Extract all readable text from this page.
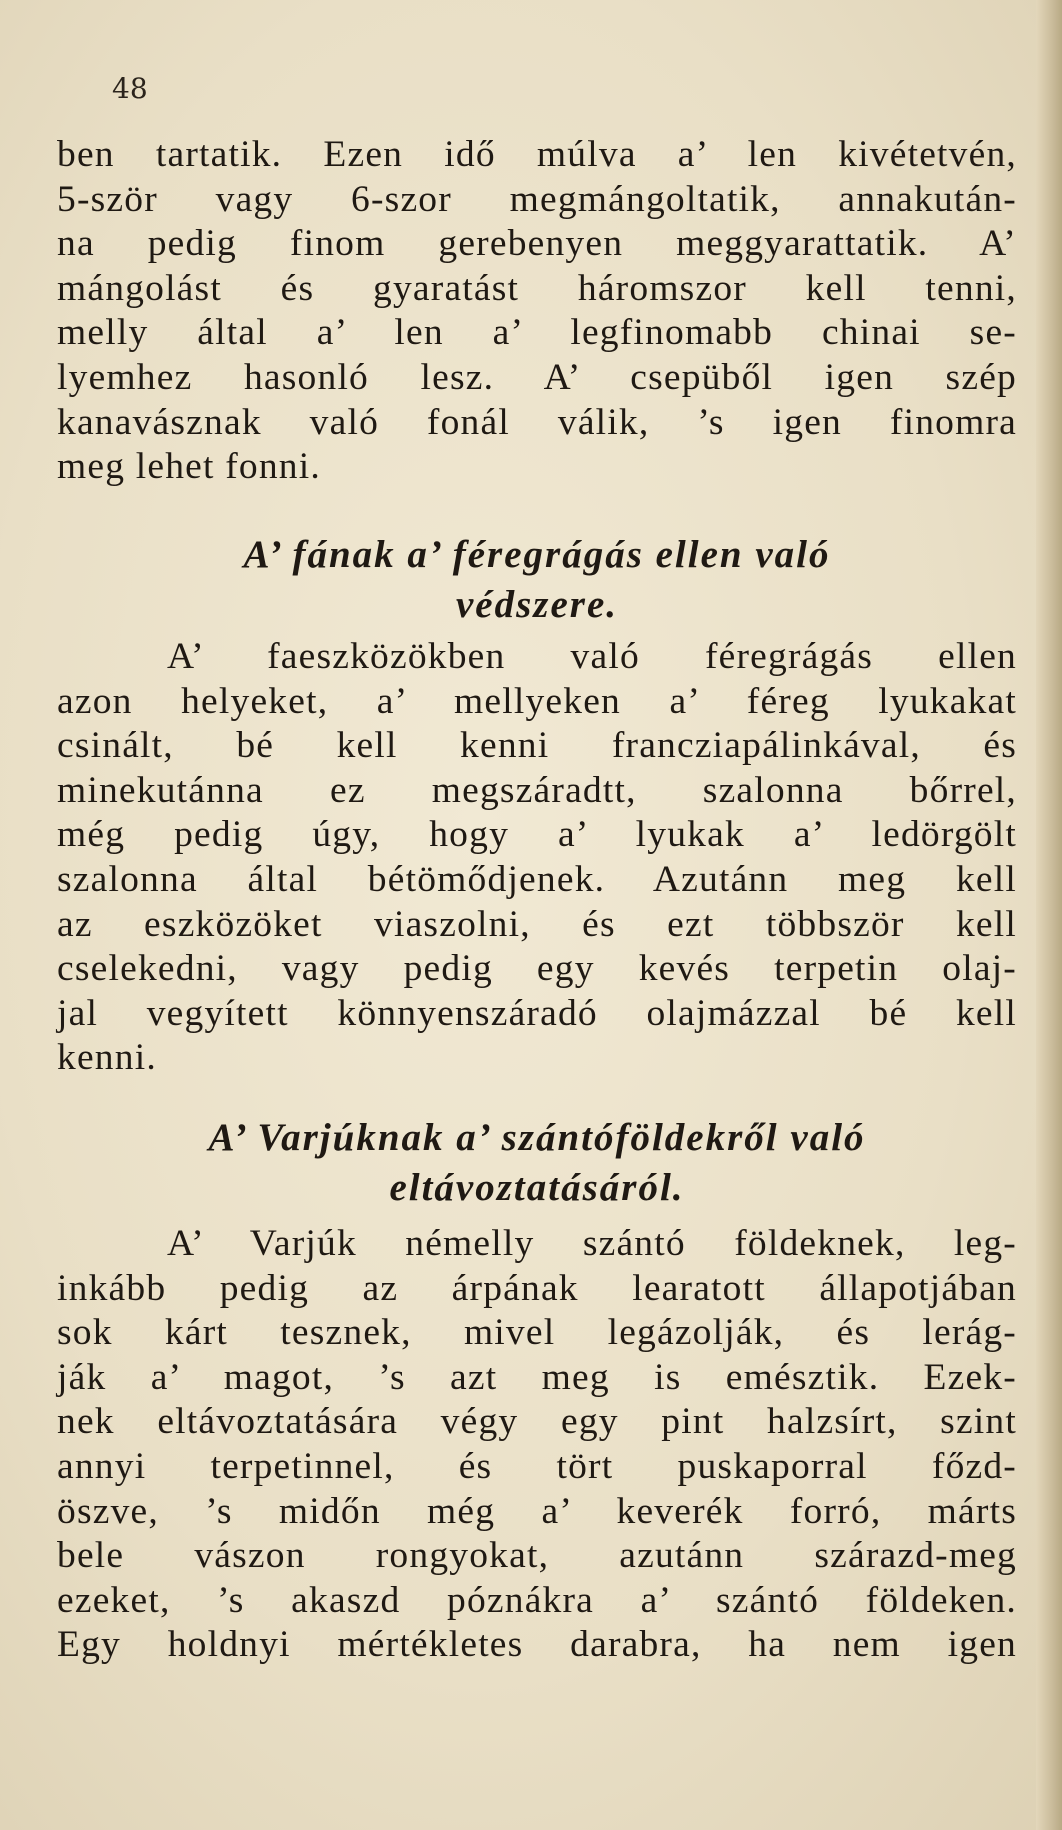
48
ben tartatik. Ezen idő múlva a’ len kivétetvén,
5-ször vagy 6-szor megmángoltatik, annakután-
na pedig finom gerebenyen meggyarattatik. A’
mángolást és gyaratást háromszor kell tenni,
melly által a’ len a’ legfinomabb chinai se-
lyemhez hasonló lesz. A’ csepüből igen szép
kanavásznak való fonál válik, ’s igen finomra
meg lehet fonni.
A’ fának a’ féregrágás ellen való
védszere.
A’ faeszközökben való féregrágás ellen
azon helyeket, a’ mellyeken a’ féreg lyukakat
csinált, bé kell kenni francziapálinkával, és
minekutánna ez megszáradtt, szalonna bőrrel,
még pedig úgy, hogy a’ lyukak a’ ledörgölt
szalonna által bétömődjenek. Azutánn meg kell
az eszközöket viaszolni, és ezt többször kell
cselekedni, vagy pedig egy kevés terpetin olaj-
jal vegyített könnyenszáradó olajmázzal bé kell
kenni.
A’ Varjúknak a’ szántóföldekről való
eltávoztatásáról.
A’ Varjúk némelly szántó földeknek, leg-
inkább pedig az árpának learatott állapotjában
sok kárt tesznek, mivel legázolják, és lerág-
ják a’ magot, ’s azt meg is emésztik. Ezek-
nek eltávoztatására végy egy pint halzsírt, szint
annyi terpetinnel, és tört puskaporral főzd-
öszve, ’s midőn még a’ keverék forró, márts
bele vászon rongyokat, azutánn szárazd-meg
ezeket, ’s akaszd póznákra a’ szántó földeken.
Egy holdnyi mértékletes darabra, ha nem igen
